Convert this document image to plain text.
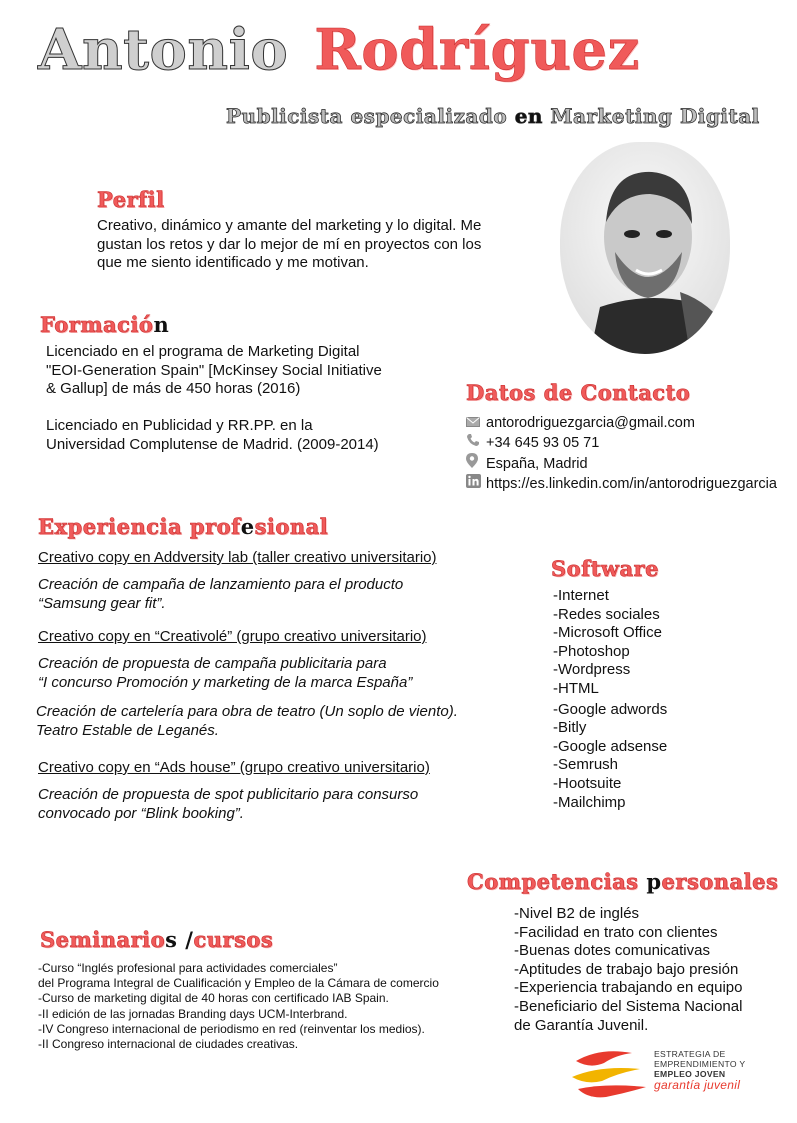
Antonio Rodríguez
Publicista especializado en Marketing Digital
Perfil
Creativo, dinámico y amante del marketing y lo digital. Me
gustan los retos y dar lo mejor de mí en proyectos con los
que me siento identificado y me motivan.
Formación
Licenciado en el programa de Marketing Digital
"EOI-Generation Spain" [McKinsey Social Initiative
& Gallup] de más de 450 horas (2016)
Licenciado en Publicidad y RR.PP. en la
Universidad Complutense de Madrid. (2009-2014)
Datos de Contacto
antorodriguezgarcia@gmail.com
+34 645 93 05 71
España, Madrid
https://es.linkedin.com/in/antorodriguezgarcia
Experiencia profesional
Creativo copy en Addversity lab (taller creativo universitario)
Creación de campaña de lanzamiento para el producto
“Samsung gear fit”.
Creativo copy en “Creativolé” (grupo creativo universitario)
Creación de propuesta de campaña publicitaria para
“I concurso Promoción y marketing de la marca España”
Creación de cartelería para obra de teatro (Un soplo de viento).
Teatro Estable de Leganés.
Creativo copy en “Ads house” (grupo creativo universitario)
Creación de propuesta de spot publicitario para consurso
convocado por “Blink booking”.
Software
-Internet
-Redes sociales
-Microsoft Office
-Photoshop
-Wordpress
-HTML
-Google adwords
-Bitly
-Google adsense
-Semrush
-Hootsuite
-Mailchimp
Competencias personales
-Nivel B2 de inglés
-Facilidad en trato con clientes
-Buenas dotes comunicativas
-Aptitudes de trabajo bajo presión
-Experiencia trabajando en equipo
-Beneficiario del Sistema Nacional
de Garantía Juvenil.
Seminarios /cursos
-Curso “Inglés profesional para actividades comerciales”
del Programa Integral de Cualificación y Empleo de la Cámara de comercio
-Curso de marketing digital de 40 horas con certificado IAB Spain.
-II edición de las jornadas Branding days UCM-Interbrand.
-IV Congreso internacional de periodismo en red (reinventar los medios).
-II Congreso internacional de ciudades creativas.
ESTRATEGIA DE
EMPRENDIMIENTO Y
EMPLEO JOVEN
garantía juvenil
